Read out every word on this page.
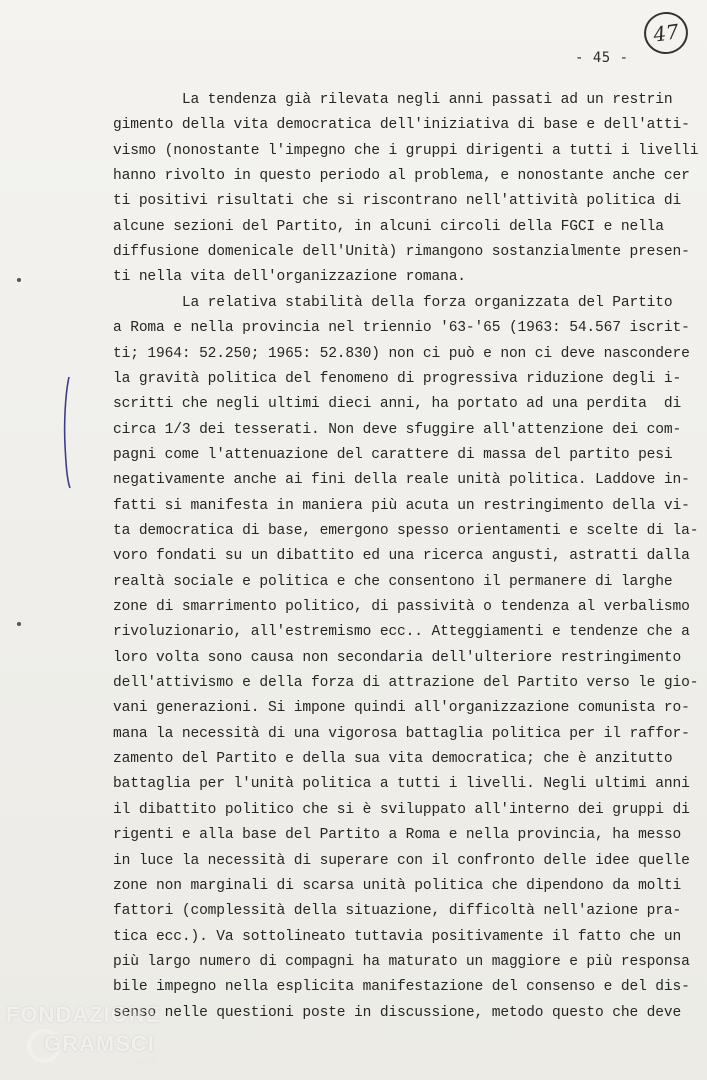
47
- 45 -
La tendenza già rilevata negli anni passati ad un restrin
gimento della vita democratica dell'iniziativa di base e dell'atti-
vismo (nonostante l'impegno che i gruppi dirigenti a tutti i livelli
hanno rivolto in questo periodo al problema, e nonostante anche cer
ti positivi risultati che si riscontrano nell'attività politica di
alcune sezioni del Partito, in alcuni circoli della FGCI e nella
diffusione domenicale dell'Unità) rimangono sostanzialmente presen-
ti nella vita dell'organizzazione romana.
La relativa stabilità della forza organizzata del Partito
a Roma e nella provincia nel triennio '63-'65 (1963: 54.567 iscrit-
ti; 1964: 52.250; 1965: 52.830) non ci può e non ci deve nascondere
la gravità politica del fenomeno di progressiva riduzione degli i-
scritti che negli ultimi dieci anni, ha portato ad una perdita  di
circa 1/3 dei tesserati. Non deve sfuggire all'attenzione dei com-
pagni come l'attenuazione del carattere di massa del partito pesi
negativamente anche ai fini della reale unità politica. Laddove in-
fatti si manifesta in maniera più acuta un restringimento della vi-
ta democratica di base, emergono spesso orientamenti e scelte di la-
voro fondati su un dibattito ed una ricerca angusti, astratti dalla
realtà sociale e politica e che consentono il permanere di larghe
zone di smarrimento politico, di passività o tendenza al verbalismo
rivoluzionario, all'estremismo ecc.. Atteggiamenti e tendenze che a
loro volta sono causa non secondaria dell'ulteriore restringimento
dell'attivismo e della forza di attrazione del Partito verso le gio-
vani generazioni. Si impone quindi all'organizzazione comunista ro-
mana la necessità di una vigorosa battaglia politica per il raffor-
zamento del Partito e della sua vita democratica; che è anzitutto
battaglia per l'unità politica a tutti i livelli. Negli ultimi anni
il dibattito politico che si è sviluppato all'interno dei gruppi di
rigenti e alla base del Partito a Roma e nella provincia, ha messo
in luce la necessità di superare con il confronto delle idee quelle
zone non marginali di scarsa unità politica che dipendono da molti
fattori (complessità della situazione, difficoltà nell'azione pra-
tica ecc.). Va sottolineato tuttavia positivamente il fatto che un
più largo numero di compagni ha maturato un maggiore e più responsa
bile impegno nella esplicita manifestazione del consenso e del dis-
senso nelle questioni poste in discussione, metodo questo che deve
FONDAZIONE
GRAMSCI
onlus
